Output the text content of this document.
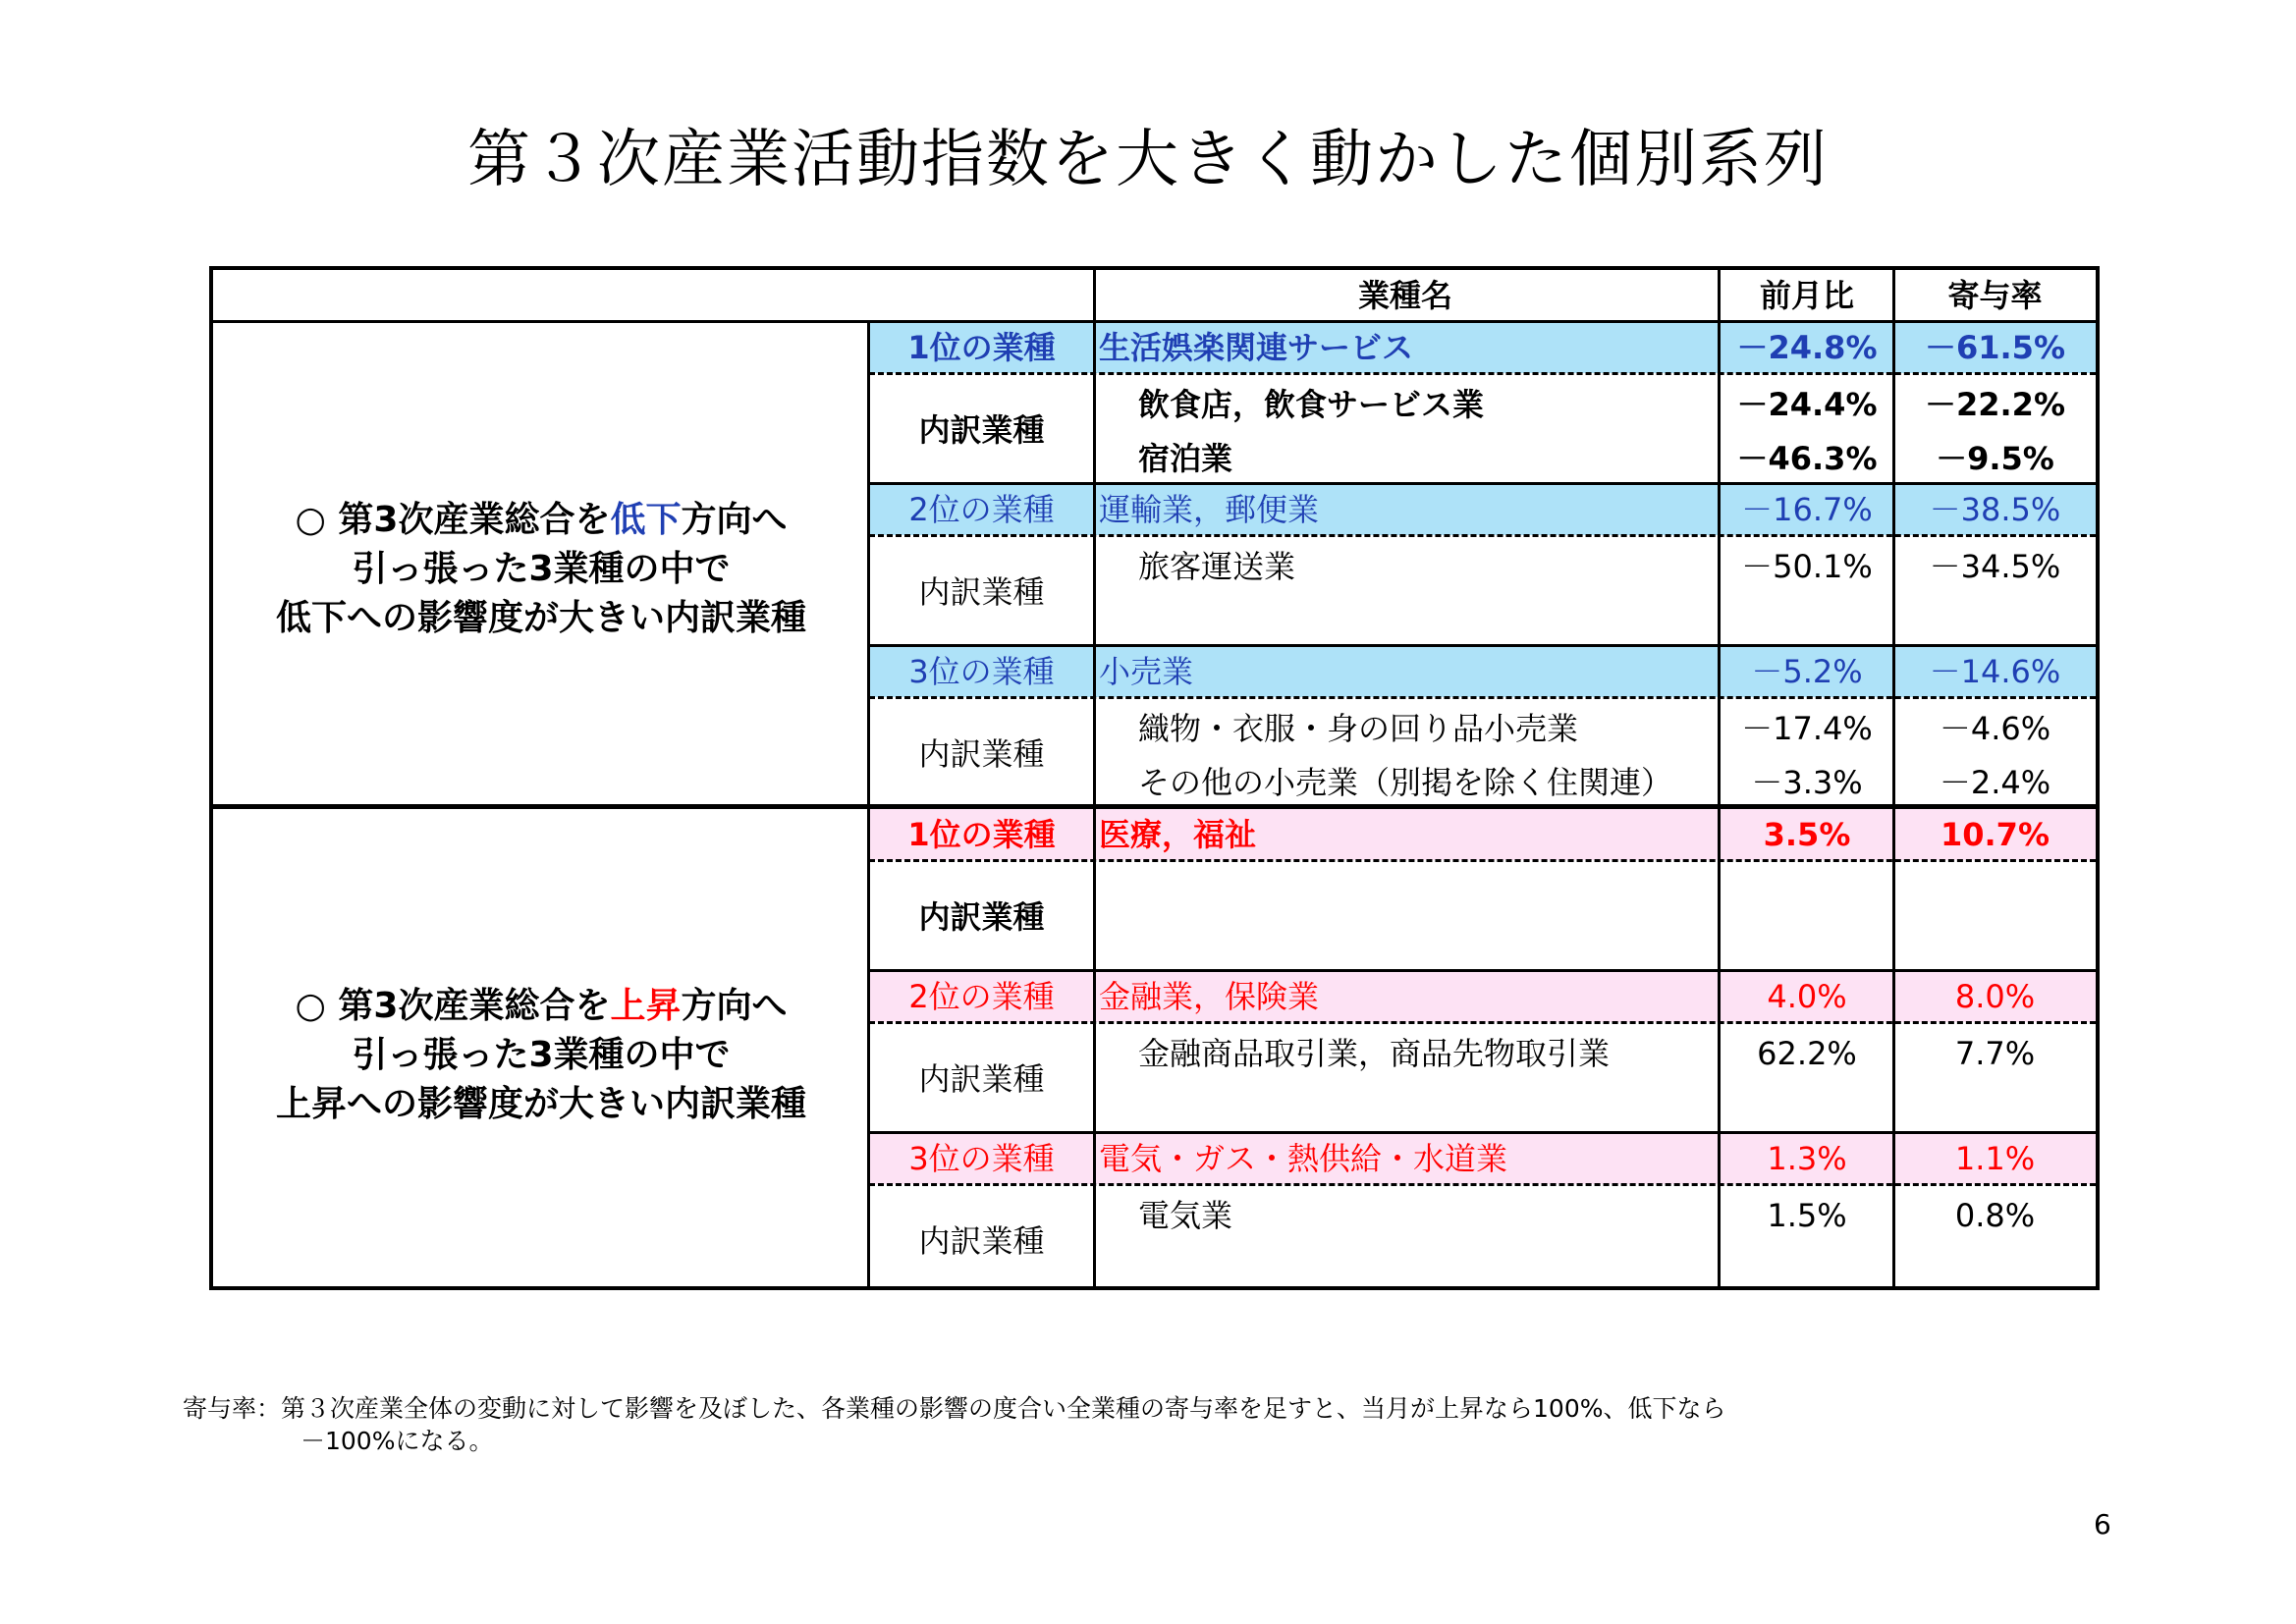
第３次産業活動指数を大きく動かした個別系列
業種名	前月比	寄与率
○ 第3次産業総合を低下方向へ
引っ張った3業種の中で
低下への影響度が大きい内訳業種
1位の業種	生活娯楽関連サービス	－24.8%	－61.5%
内訳業種
飲食店，飲食サービス業	－24.4%	－22.2%
宿泊業	－46.3%	－9.5%
2位の業種	運輸業，郵便業	－16.7%	－38.5%
内訳業種
旅客運送業	－50.1%	－34.5%
3位の業種	小売業	－5.2%	－14.6%
内訳業種
織物・衣服・身の回り品小売業	－17.4%	－4.6%
その他の小売業（別掲を除く住関連）	－3.3%	－2.4%
○ 第3次産業総合を上昇方向へ
引っ張った3業種の中で
上昇への影響度が大きい内訳業種
1位の業種	医療，福祉	3.5%	10.7%
内訳業種
2位の業種	金融業，保険業	4.0%	8.0%
内訳業種
金融商品取引業，商品先物取引業	62.2%	7.7%
3位の業種	電気・ガス・熱供給・水道業	1.3%	1.1%
内訳業種
電気業	1.5%	0.8%
寄与率：第３次産業全体の変動に対して影響を及ぼした、各業種の影響の度合い全業種の寄与率を足すと、当月が上昇なら100%、低下なら
－100%になる。
6
